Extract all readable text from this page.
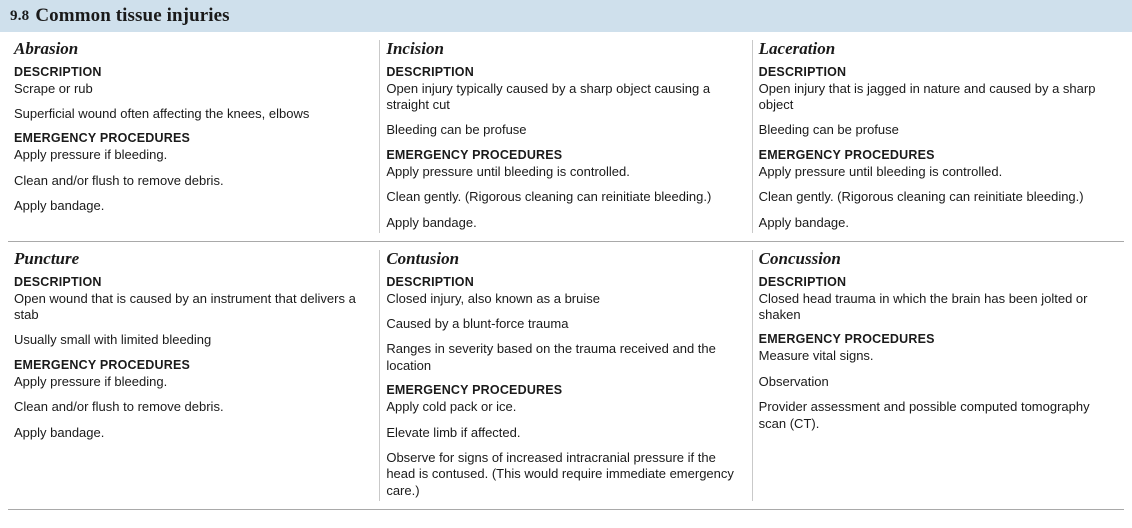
9.8 Common tissue injuries
Abrasion
DESCRIPTION

Scrape or rub

Superficial wound often affecting the knees, elbows

EMERGENCY PROCEDURES

Apply pressure if bleeding.

Clean and/or flush to remove debris.

Apply bandage.

Incision
DESCRIPTION

Open injury typically caused by a sharp object causing a straight cut

Bleeding can be profuse

EMERGENCY PROCEDURES

Apply pressure until bleeding is controlled.

Clean gently. (Rigorous cleaning can reinitiate bleeding.)

Apply bandage.

Laceration
DESCRIPTION

Open injury that is jagged in nature and caused by a sharp object

Bleeding can be profuse

EMERGENCY PROCEDURES

Apply pressure until bleeding is controlled.

Clean gently. (Rigorous cleaning can reinitiate bleeding.)

Apply bandage.

Puncture
DESCRIPTION

Open wound that is caused by an instrument that delivers a stab

Usually small with limited bleeding

EMERGENCY PROCEDURES

Apply pressure if bleeding.

Clean and/or flush to remove debris.

Apply bandage.

Contusion
DESCRIPTION

Closed injury, also known as a bruise

Caused by a blunt-force trauma

Ranges in severity based on the trauma received and the location

EMERGENCY PROCEDURES

Apply cold pack or ice.

Elevate limb if affected.

Observe for signs of increased intracranial pressure if the head is contused. (This would require immediate emergency care.)

Concussion
DESCRIPTION

Closed head trauma in which the brain has been jolted or shaken

EMERGENCY PROCEDURES

Measure vital signs.

Observation

Provider assessment and possible computed tomography scan (CT).
